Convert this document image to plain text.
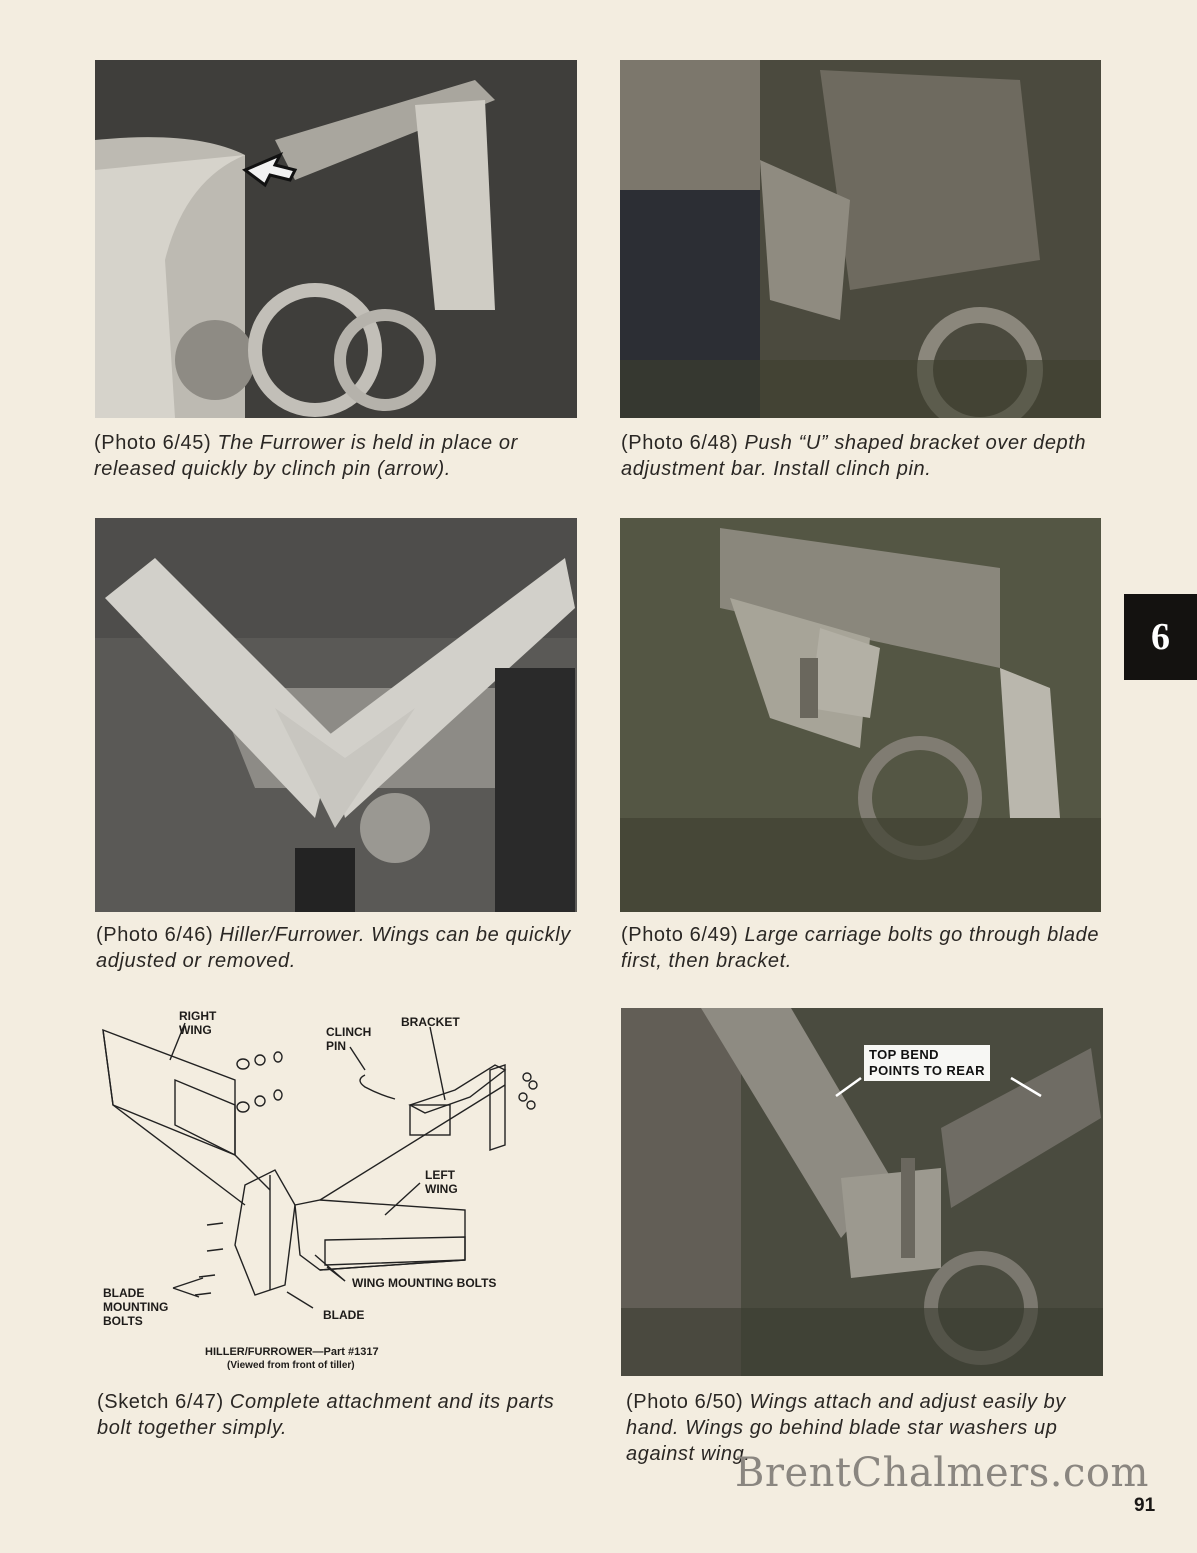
(Photo 6/45) The Furrower is held in place or released quickly by clinch pin (arrow).
(Photo 6/48) Push “U” shaped bracket over depth adjustment bar. Install clinch pin.
(Photo 6/46) Hiller/Furrower. Wings can be quickly adjusted or removed.
(Photo 6/49) Large carriage bolts go through blade first, then bracket.
RIGHT
WING	CLINCH
PIN
BRACKET
LEFT
WING
WING MOUNTING BOLTS
BLADE
MOUNTING
BOLTS	BLADE
HILLER/FURROWER—Part #1317
(Viewed from front of tiller)
(Sketch 6/47) Complete attachment and its parts bolt together simply.
TOP BEND
POINTS TO REAR
(Photo 6/50) Wings attach and adjust easily by hand. Wings go behind blade star washers up against wing.
6
BrentChalmers.com
91
